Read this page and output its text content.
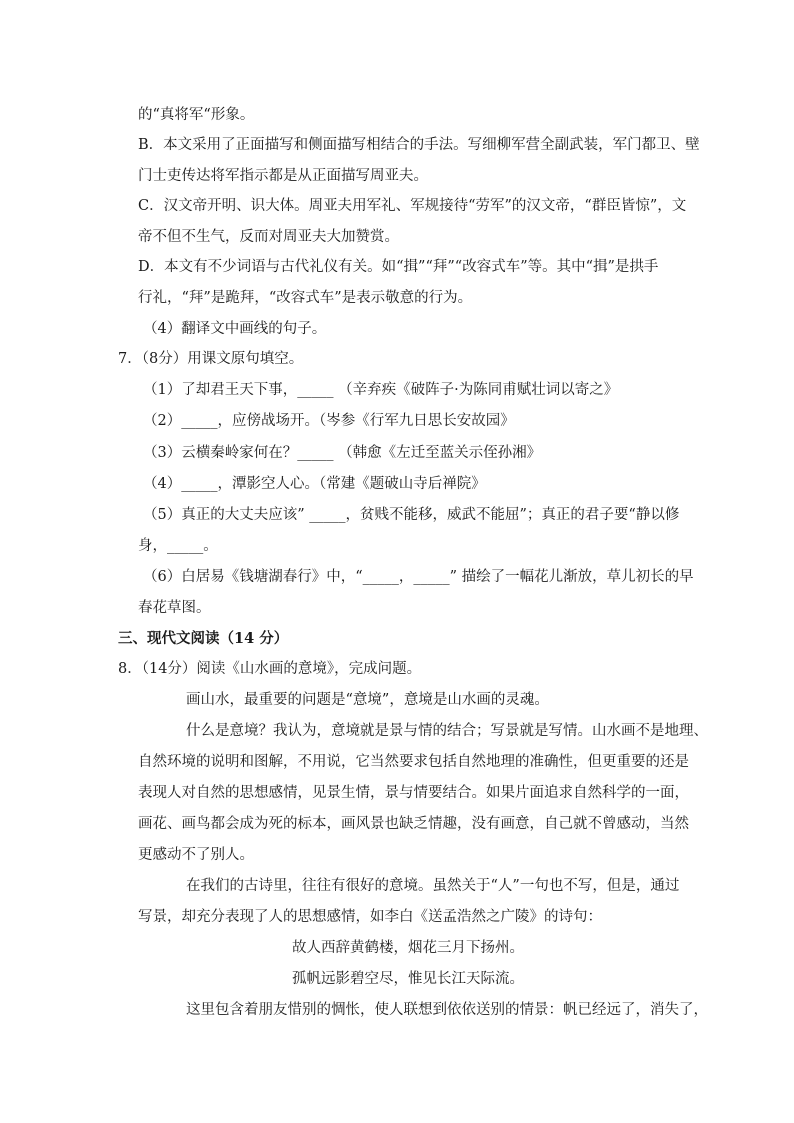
的“真将军“形象。
B．本文采用了正面描写和侧面描写相结合的手法。写细柳军营全副武装，军门都卫、壁
门士吏传达将军指示都是从正面描写周亚夫。
C．汉文帝开明、识大体。周亚夫用军礼、军规接待“劳军”的汉文帝，“群臣皆惊”，文
帝不但不生气，反而对周亚夫大加赞赏。
D．本文有不少词语与古代礼仪有关。如“揖”“拜”“改容式车”等。其中“揖”是拱手
行礼，“拜”是跪拜，“改容式车”是表示敬意的行为。
（4）翻译文中画线的句子。
7．（8分）用课文原句填空。
（1）了却君王天下事，_____ （辛弃疾《破阵子·为陈同甫赋壮词以寄之》
（2）_____，应傍战场开。（岑参《行军九日思长安故园》
（3）云横秦岭家何在？_____ （韩愈《左迁至蓝关示侄孙湘》
（4）_____，潭影空人心。（常建《题破山寺后禅院》
（5）真正的大丈夫应该” _____，贫贱不能移，威武不能屈”；真正的君子要“静以修
身，_____。
（6）白居易《钱塘湖春行》中，“_____，_____” 描绘了一幅花儿渐放，草儿初长的早
春花草图。
三、现代文阅读（14 分）
8．（14分）阅读《山水画的意境》，完成问题。
画山水，最重要的问题是“意境”，意境是山水画的灵魂。
什么是意境？我认为，意境就是景与情的结合；写景就是写情。山水画不是地理、
自然环境的说明和图解，不用说，它当然要求包括自然地理的准确性，但更重要的还是
表现人对自然的思想感情，见景生情，景与情要结合。如果片面追求自然科学的一面，
画花、画鸟都会成为死的标本，画风景也缺乏情趣，没有画意，自己就不曾感动，当然
更感动不了别人。
在我们的古诗里，往往有很好的意境。虽然关于“人”一句也不写，但是，通过
写景，却充分表现了人的思想感情，如李白《送孟浩然之广陵》的诗句：
故人西辞黄鹤楼，烟花三月下扬州。
孤帆远影碧空尽，惟见长江天际流。
这里包含着朋友惜别的惆怅，使人联想到依依送别的情景：帆已经远了，消失了，
